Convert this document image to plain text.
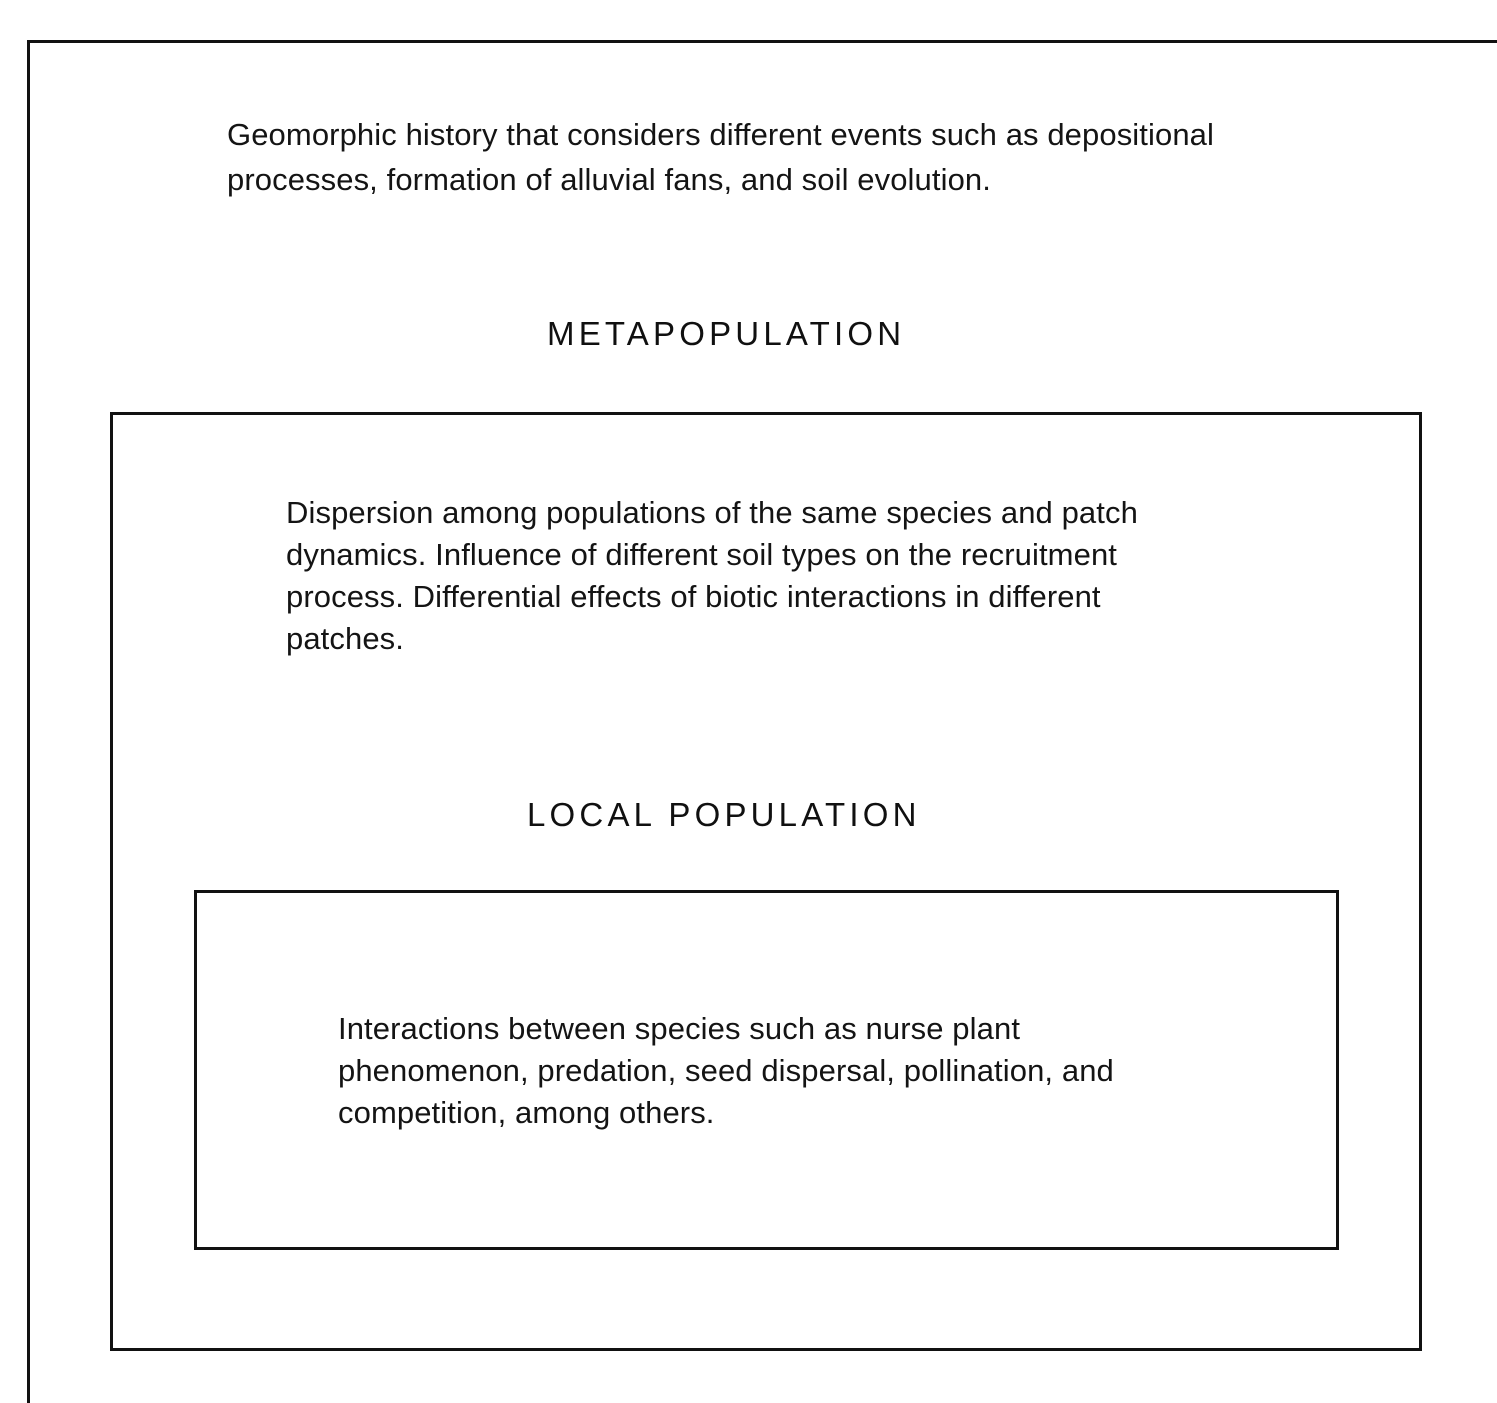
Geomorphic history that considers different events such as depositional processes, formation of alluvial fans, and soil evolution.

METAPOPULATION

Dispersion among populations of the same species and patch dynamics. Influence of different soil types on the recruitment process. Differential effects of biotic interactions in different patches.

LOCAL POPULATION

Interactions between species such as nurse plant phenomenon, predation, seed dispersal, pollination, and competition, among others.
